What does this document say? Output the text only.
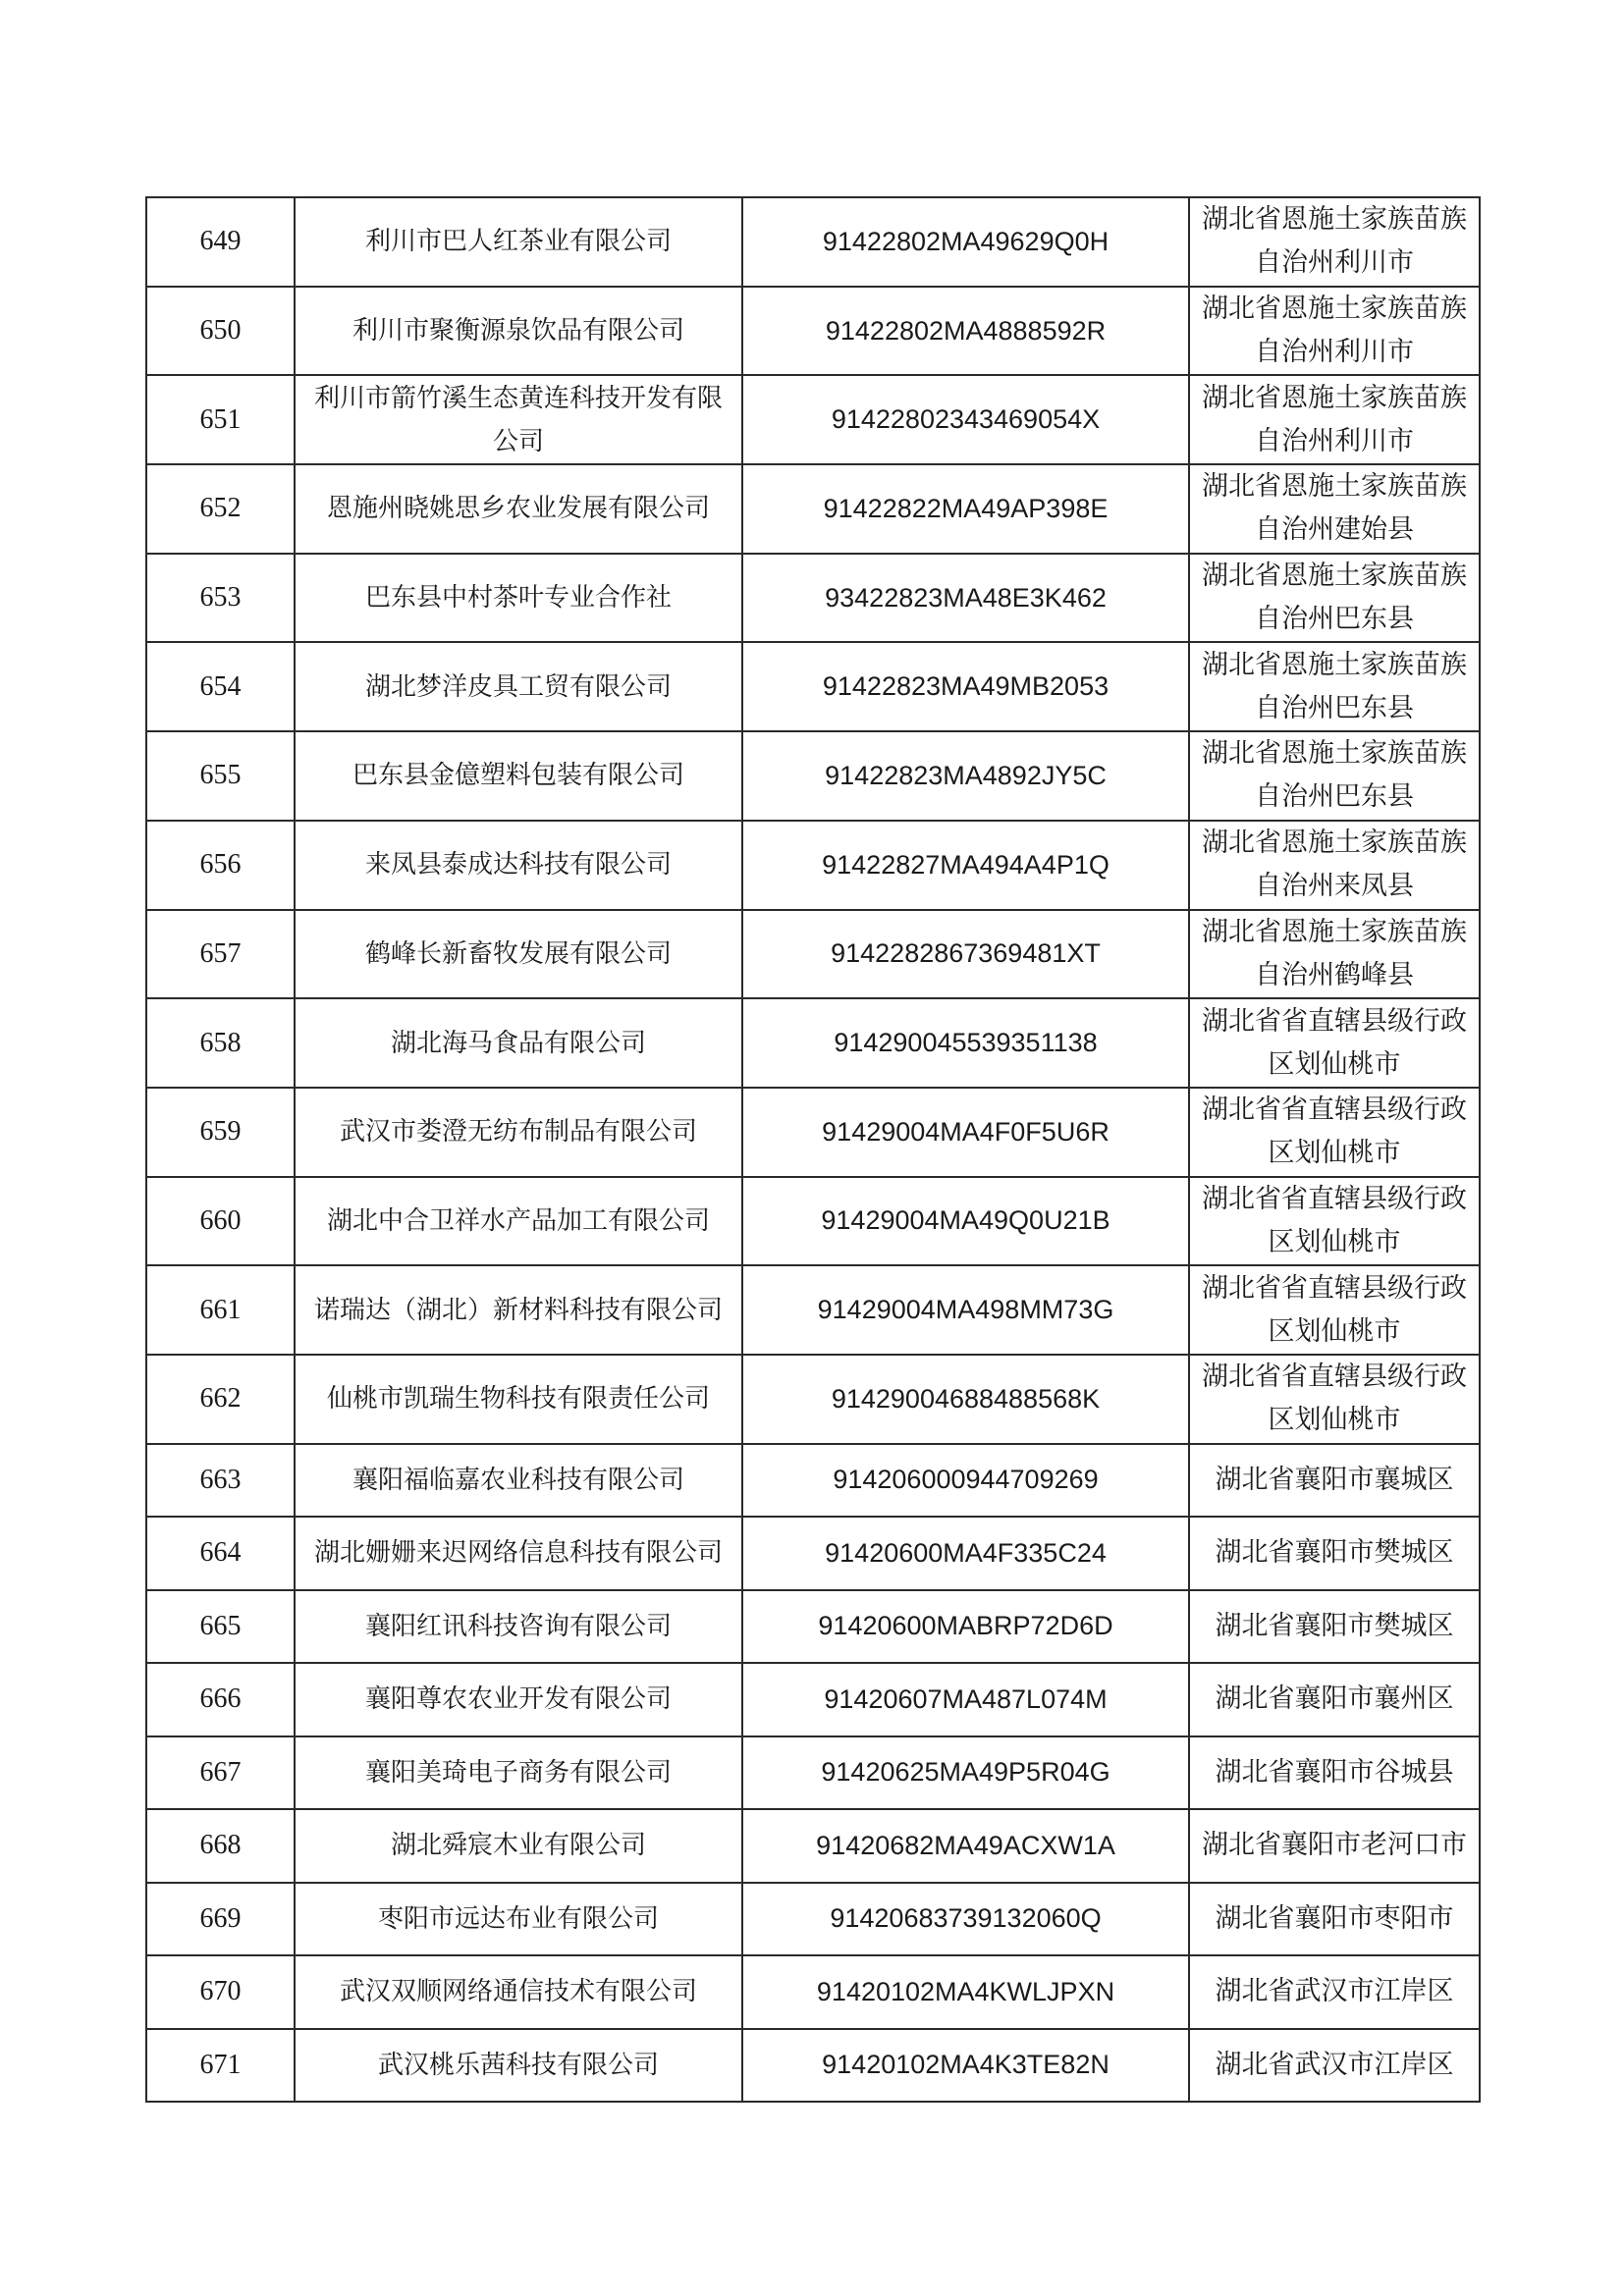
649	利川市巴人红茶业有限公司	91422802MA49629Q0H	湖北省恩施土家族苗族
自治州利川市

650	利川市聚衡源泉饮品有限公司	91422802MA4888592R	湖北省恩施土家族苗族
自治州利川市

651	利川市箭竹溪生态黄连科技开发有限
公司	91422802343469054X	湖北省恩施土家族苗族
自治州利川市

652	恩施州晓姚思乡农业发展有限公司	91422822MA49AP398E	湖北省恩施土家族苗族
自治州建始县

653	巴东县中村茶叶专业合作社	93422823MA48E3K462	湖北省恩施土家族苗族
自治州巴东县

654	湖北梦洋皮具工贸有限公司	91422823MA49MB2053	湖北省恩施土家族苗族
自治州巴东县

655	巴东县金億塑料包装有限公司	91422823MA4892JY5C	湖北省恩施土家族苗族
自治州巴东县

656	来凤县泰成达科技有限公司	91422827MA494A4P1Q	湖北省恩施土家族苗族
自治州来凤县

657	鹤峰长新畜牧发展有限公司	9142282867369481XT	湖北省恩施土家族苗族
自治州鹤峰县

658	湖北海马食品有限公司	914290045539351138	湖北省省直辖县级行政
区划仙桃市

659	武汉市娄澄无纺布制品有限公司	91429004MA4F0F5U6R	湖北省省直辖县级行政
区划仙桃市

660	湖北中合卫祥水产品加工有限公司	91429004MA49Q0U21B	湖北省省直辖县级行政
区划仙桃市

661	诺瑞达（湖北）新材料科技有限公司	91429004MA498MM73G	湖北省省直辖县级行政
区划仙桃市

662	仙桃市凯瑞生物科技有限责任公司	91429004688488568K	湖北省省直辖县级行政
区划仙桃市

663	襄阳福临嘉农业科技有限公司	914206000944709269	湖北省襄阳市襄城区

664	湖北姗姗来迟网络信息科技有限公司	91420600MA4F335C24	湖北省襄阳市樊城区

665	襄阳红讯科技咨询有限公司	91420600MABRP72D6D	湖北省襄阳市樊城区

666	襄阳尊农农业开发有限公司	91420607MA487L074M	湖北省襄阳市襄州区

667	襄阳美琦电子商务有限公司	91420625MA49P5R04G	湖北省襄阳市谷城县

668	湖北舜宸木业有限公司	91420682MA49ACXW1A	湖北省襄阳市老河口市

669	枣阳市远达布业有限公司	91420683739132060Q	湖北省襄阳市枣阳市

670	武汉双顺网络通信技术有限公司	91420102MA4KWLJPXN	湖北省武汉市江岸区

671	武汉桃乐茜科技有限公司	91420102MA4K3TE82N	湖北省武汉市江岸区
